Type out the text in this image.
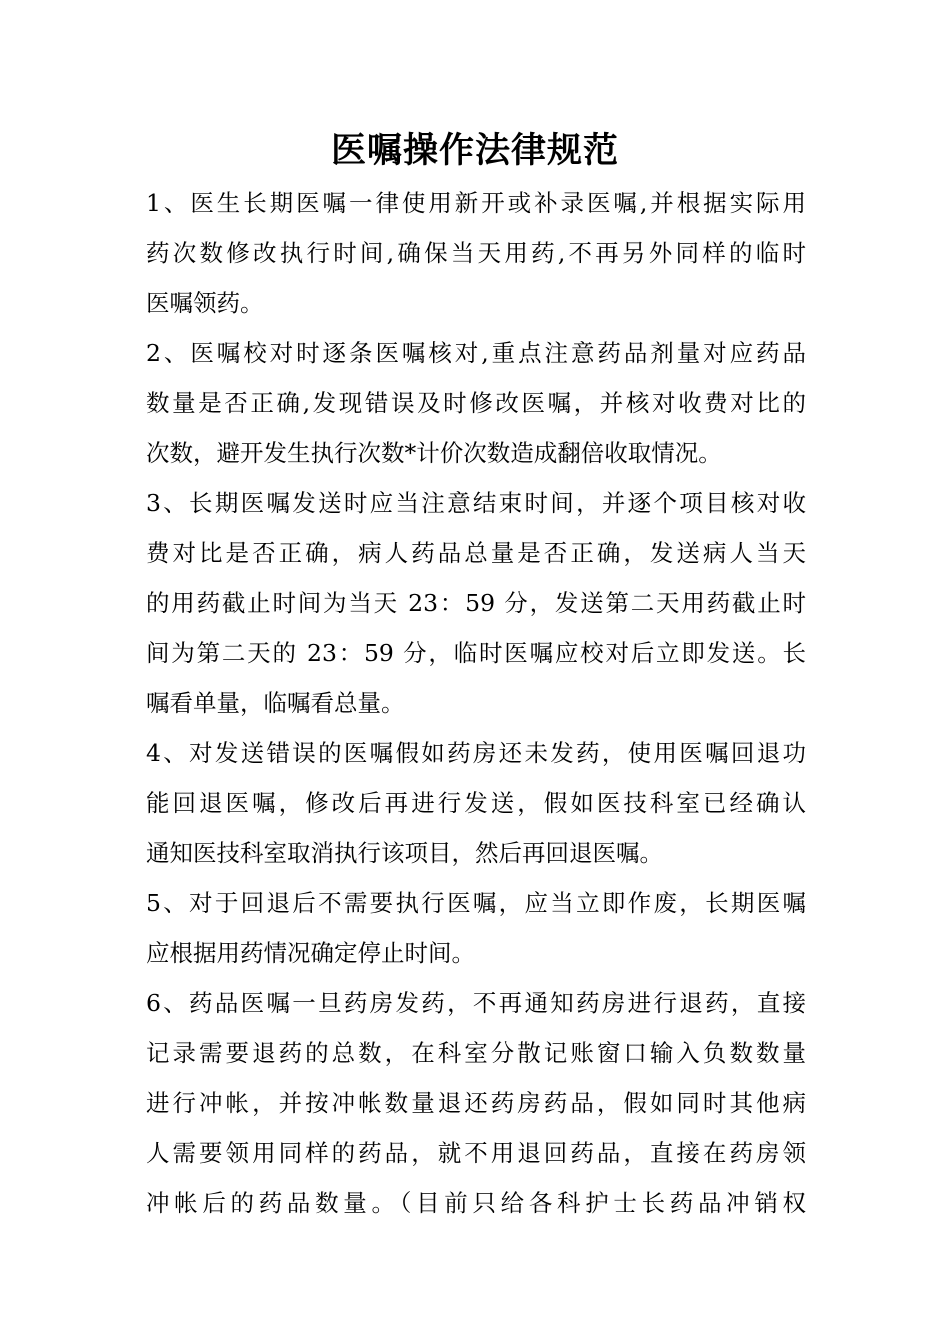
医嘱操作法律规范
1、医生长期医嘱一律使用新开或补录医嘱,并根据实际用
药次数修改执行时间,确保当天用药,不再另外同样的临时
医嘱领药。
2、医嘱校对时逐条医嘱核对,重点注意药品剂量对应药品
数量是否正确,发现错误及时修改医嘱，并核对收费对比的
次数，避开发生执行次数*计价次数造成翻倍收取情况。
3、长期医嘱发送时应当注意结束时间，并逐个项目核对收
费对比是否正确，病人药品总量是否正确，发送病人当天
的用药截止时间为当天 23：59 分，发送第二天用药截止时
间为第二天的 23：59 分，临时医嘱应校对后立即发送。长
嘱看单量，临嘱看总量。
4、对发送错误的医嘱假如药房还未发药，使用医嘱回退功
能回退医嘱，修改后再进行发送，假如医技科室已经确认
通知医技科室取消执行该项目，然后再回退医嘱。
5、对于回退后不需要执行医嘱，应当立即作废，长期医嘱
应根据用药情况确定停止时间。
6、药品医嘱一旦药房发药，不再通知药房进行退药，直接
记录需要退药的总数，在科室分散记账窗口输入负数数量
进行冲帐，并按冲帐数量退还药房药品，假如同时其他病
人需要领用同样的药品，就不用退回药品，直接在药房领
冲帐后的药品数量。（目前只给各科护士长药品冲销权
